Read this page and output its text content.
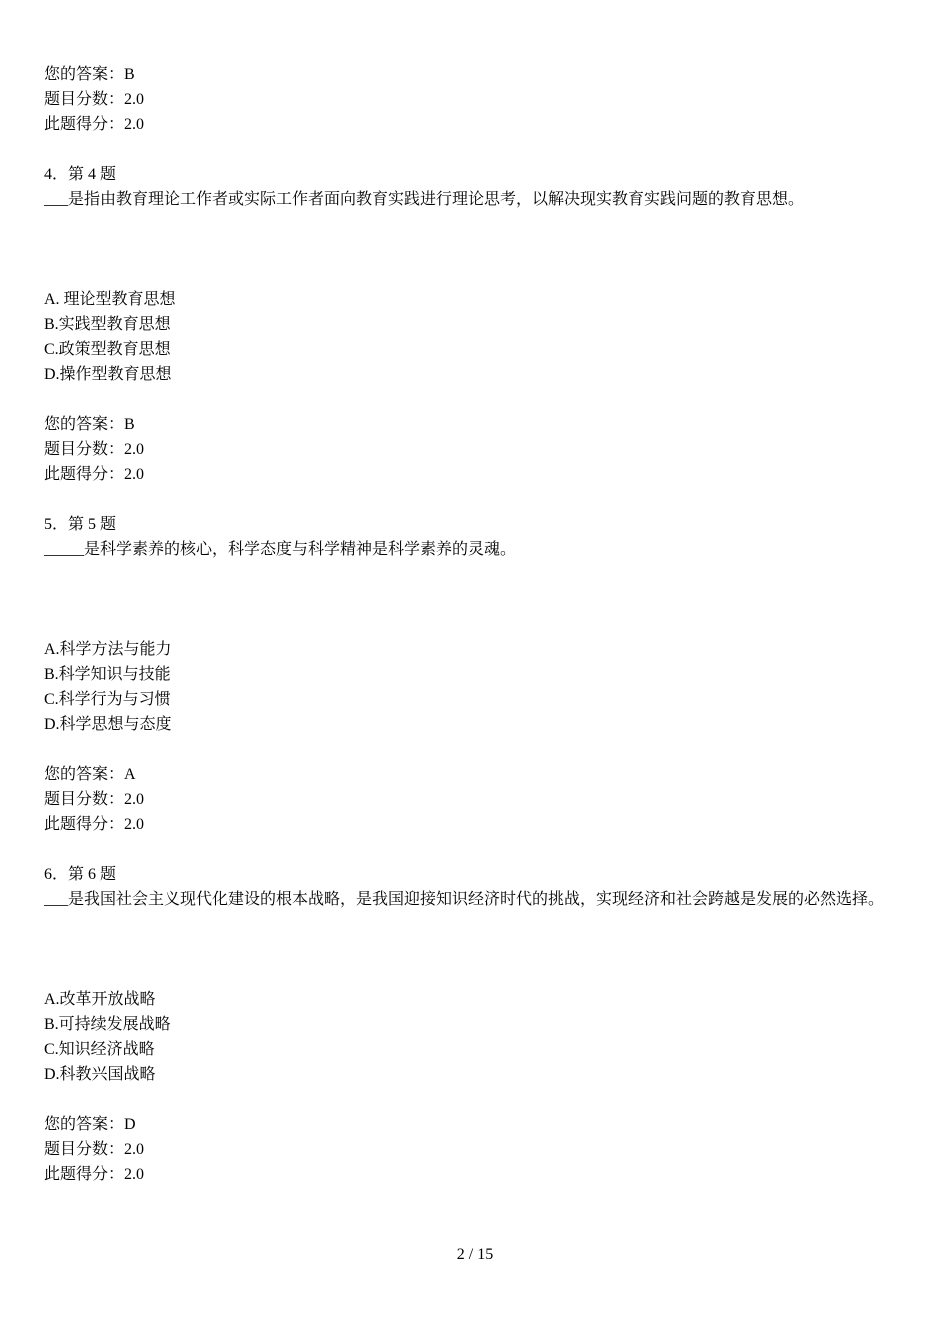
您的答案：B
题目分数：2.0
此题得分：2.0
4．第 4 题
___是指由教育理论工作者或实际工作者面向教育实践进行理论思考，以解决现实教育实践问题的教育思想。
A. 理论型教育思想
B.实践型教育思想
C.政策型教育思想
D.操作型教育思想
您的答案：B
题目分数：2.0
此题得分：2.0
5．第 5 题
_____是科学素养的核心，科学态度与科学精神是科学素养的灵魂。
A.科学方法与能力
B.科学知识与技能
C.科学行为与习惯
D.科学思想与态度
您的答案：A
题目分数：2.0
此题得分：2.0
6．第 6 题
___是我国社会主义现代化建设的根本战略，是我国迎接知识经济时代的挑战，实现经济和社会跨越是发展的必然选择。
A.改革开放战略
B.可持续发展战略
C.知识经济战略
D.科教兴国战略
您的答案：D
题目分数：2.0
此题得分：2.0
2 / 15
